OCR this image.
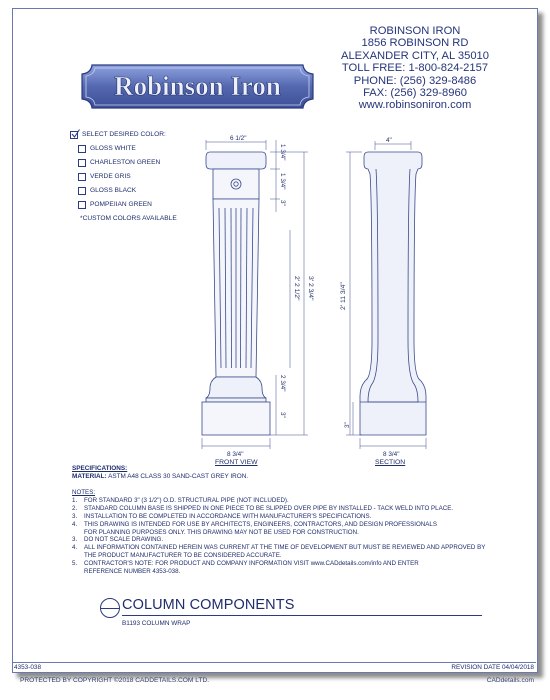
Robinson Iron
ROBINSON IRON
1856 ROBINSON RD
ALEXANDER CITY, AL 35010
TOLL FREE: 1-800-824-2157
PHONE: (256) 329-8486
FAX: (256) 329-8960
www.robinsoniron.com
SELECT DESIRED COLOR:
GLOSS WHITE
CHARLESTON GREEN
VERDE GRIS
GLOSS BLACK
POMPEIIAN GREEN
*CUSTOM COLORS AVAILABLE
6 1/2"
1 3/4"
1 3/4"
3"
2' 2 1/2" 3' 2 3/4"
2 3/4"
3"
8 3/4"
4"
2' 11 3/4"
3"
8 3/4"
FRONT VIEW	SECTION
SPECIFICATIONS:
MATERIAL: ASTM A48 CLASS 30 SAND-CAST GREY IRON.
NOTES:
1.	FOR STANDARD 3" (3 1/2") O.D. STRUCTURAL PIPE (NOT INCLUDED).
2.	STANDARD COLUMN BASE IS SHIPPED IN ONE PIECE TO BE SLIPPED OVER PIPE BY INSTALLED - TACK WELD INTO PLACE.
3.	INSTALLATION TO BE COMPLETED IN ACCORDANCE WITH MANUFACTURER'S SPECIFICATIONS.
4.	THIS DRAWING IS INTENDED FOR USE BY ARCHITECTS, ENGINEERS, CONTRACTORS, AND DESIGN PROFESSIONALS
FOR PLANNING PURPOSES ONLY. THIS DRAWING MAY NOT BE USED FOR CONSTRUCTION.
3.	DO NOT SCALE DRAWING.
4.	ALL INFORMATION CONTAINED HEREIN WAS CURRENT AT THE TIME OF DEVELOPMENT BUT MUST BE REVIEWED AND APPROVED BY
THE PRODUCT MANUFACTURER TO BE CONSIDERED ACCURATE.
5.	CONTRACTOR'S NOTE: FOR PRODUCT AND COMPANY INFORMATION VISIT www.CADdetails.com/info AND ENTER
REFERENCE NUMBER 4353-038.
COLUMN COMPONENTS
B1193 COLUMN WRAP
4353-038	REVISION DATE 04/04/2018
PROTECTED BY COPYRIGHT ©2018 CADDETAILS.COM LTD.	CADdetails.com
